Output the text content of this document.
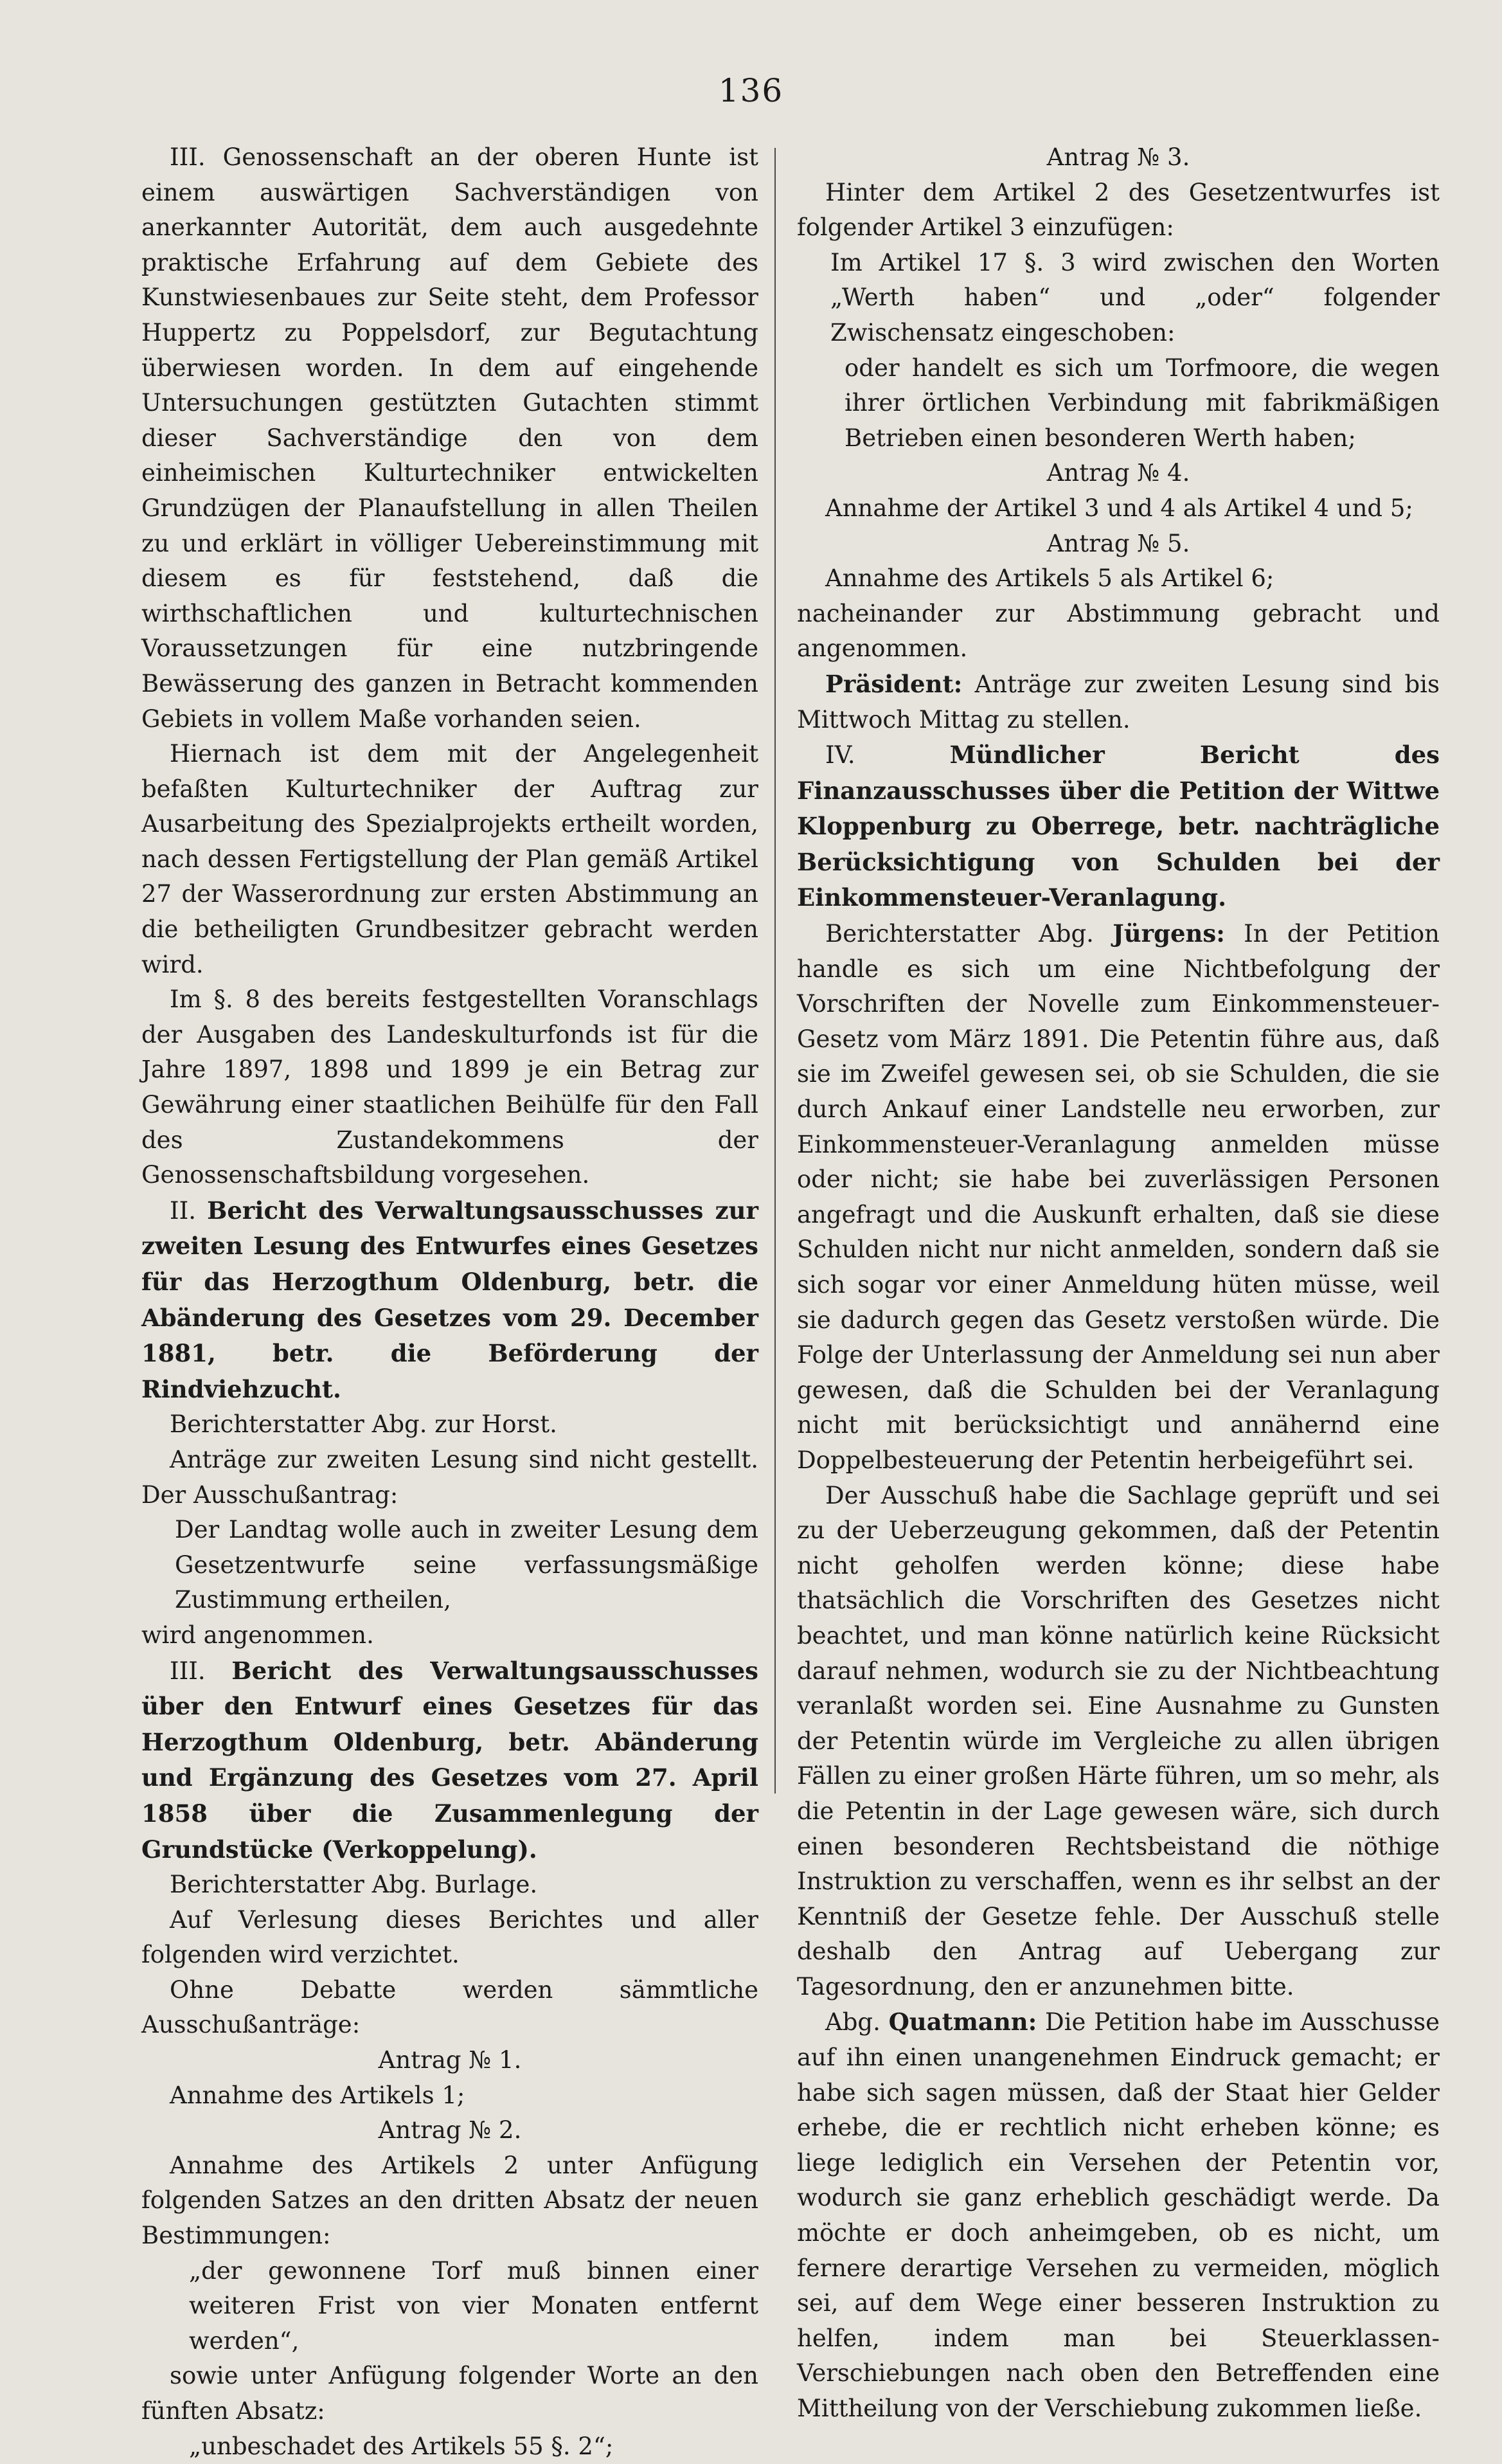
136

III. Genossenschaft an der oberen Hunte ist einem auswärtigen Sachverständigen von anerkannter Autorität, dem auch ausgedehnte praktische Erfahrung auf dem Gebiete des Kunstwiesenbaues zur Seite steht, dem Professor Huppertz zu Poppelsdorf, zur Begutachtung überwiesen worden. In dem auf eingehende Untersuchungen gestützten Gutachten stimmt dieser Sachverständige den von dem einheimischen Kulturtechniker entwickelten Grundzügen der Planaufstellung in allen Theilen zu und erklärt in völliger Uebereinstimmung mit diesem es für feststehend, daß die wirthschaftlichen und kulturtechnischen Voraussetzungen für eine nutzbringende Bewässerung des ganzen in Betracht kommenden Gebiets in vollem Maße vorhanden seien.

Hiernach ist dem mit der Angelegenheit befaßten Kulturtechniker der Auftrag zur Ausarbeitung des Spezialprojekts ertheilt worden, nach dessen Fertigstellung der Plan gemäß Artikel 27 der Wasserordnung zur ersten Abstimmung an die betheiligten Grundbesitzer gebracht werden wird.

Im §. 8 des bereits festgestellten Voranschlags der Ausgaben des Landeskulturfonds ist für die Jahre 1897, 1898 und 1899 je ein Betrag zur Gewährung einer staatlichen Beihülfe für den Fall des Zustandekommens der Genossenschaftsbildung vorgesehen.

II. Bericht des Verwaltungsausschusses zur zweiten Lesung des Entwurfes eines Gesetzes für das Herzogthum Oldenburg, betr. die Abänderung des Gesetzes vom 29. December 1881, betr. die Beförderung der Rindviehzucht.

Berichterstatter Abg. zur Horst.

Anträge zur zweiten Lesung sind nicht gestellt. Der Ausschußantrag:

Der Landtag wolle auch in zweiter Lesung dem Gesetzentwurfe seine verfassungsmäßige Zustimmung ertheilen,

wird angenommen.

III. Bericht des Verwaltungsausschusses über den Entwurf eines Gesetzes für das Herzogthum Oldenburg, betr. Abänderung und Ergänzung des Gesetzes vom 27. April 1858 über die Zusammenlegung der Grundstücke (Verkoppelung).

Berichterstatter Abg. Burlage.

Auf Verlesung dieses Berichtes und aller folgenden wird verzichtet.

Ohne Debatte werden sämmtliche Ausschußanträge:

Antrag № 1.

Annahme des Artikels 1;

Antrag № 2.

Annahme des Artikels 2 unter Anfügung folgenden Satzes an den dritten Absatz der neuen Bestimmungen:

„der gewonnene Torf muß binnen einer weiteren Frist von vier Monaten entfernt werden“,

sowie unter Anfügung folgender Worte an den fünften Absatz:

„unbeschadet des Artikels 55 §. 2“;

Antrag № 3.

Hinter dem Artikel 2 des Gesetzentwurfes ist folgender Artikel 3 einzufügen:

Im Artikel 17 §. 3 wird zwischen den Worten „Werth haben“ und „oder“ folgender Zwischensatz eingeschoben:

oder handelt es sich um Torfmoore, die wegen ihrer örtlichen Verbindung mit fabrikmäßigen Betrieben einen besonderen Werth haben;

Antrag № 4.

Annahme der Artikel 3 und 4 als Artikel 4 und 5;

Antrag № 5.

Annahme des Artikels 5 als Artikel 6;

nacheinander zur Abstimmung gebracht und angenommen.

Präsident: Anträge zur zweiten Lesung sind bis Mittwoch Mittag zu stellen.

IV.	Mündlicher Bericht des Finanzausschusses über die Petition der Wittwe Kloppenburg zu Oberrege, betr. nachträgliche Berücksichtigung von Schulden bei der Einkommensteuer-Veranlagung.

Berichterstatter Abg. Jürgens: In der Petition handle es sich um eine Nichtbefolgung der Vorschriften der Novelle zum Einkommensteuer-Gesetz vom März 1891. Die Petentin führe aus, daß sie im Zweifel gewesen sei, ob sie Schulden, die sie durch Ankauf einer Landstelle neu erworben, zur Einkommensteuer-Veranlagung anmelden müsse oder nicht; sie habe bei zuverlässigen Personen angefragt und die Auskunft erhalten, daß sie diese Schulden nicht nur nicht anmelden, sondern daß sie sich sogar vor einer Anmeldung hüten müsse, weil sie dadurch gegen das Gesetz verstoßen würde. Die Folge der Unterlassung der Anmeldung sei nun aber gewesen, daß die Schulden bei der Veranlagung nicht mit berücksichtigt und annähernd eine Doppelbesteuerung der Petentin herbeigeführt sei.

Der Ausschuß habe die Sachlage geprüft und sei zu der Ueberzeugung gekommen, daß der Petentin nicht geholfen werden könne; diese habe thatsächlich die Vorschriften des Gesetzes nicht beachtet, und man könne natürlich keine Rücksicht darauf nehmen, wodurch sie zu der Nichtbeachtung veranlaßt worden sei. Eine Ausnahme zu Gunsten der Petentin würde im Vergleiche zu allen übrigen Fällen zu einer großen Härte führen, um so mehr, als die Petentin in der Lage gewesen wäre, sich durch einen besonderen Rechtsbeistand die nöthige Instruktion zu verschaffen, wenn es ihr selbst an der Kenntniß der Gesetze fehle. Der Ausschuß stelle deshalb den Antrag auf Uebergang zur Tagesordnung, den er anzunehmen bitte.

Abg. Quatmann: Die Petition habe im Ausschusse auf ihn einen unangenehmen Eindruck gemacht; er habe sich sagen müssen, daß der Staat hier Gelder erhebe, die er rechtlich nicht erheben könne; es liege lediglich ein Versehen der Petentin vor, wodurch sie ganz erheblich geschädigt werde. Da möchte er doch anheimgeben, ob es nicht, um fernere derartige Versehen zu vermeiden, möglich sei, auf dem Wege einer besseren Instruktion zu helfen, indem man bei Steuerklassen-Verschiebungen nach oben den Betreffenden eine Mittheilung von der Verschiebung zukommen ließe.
